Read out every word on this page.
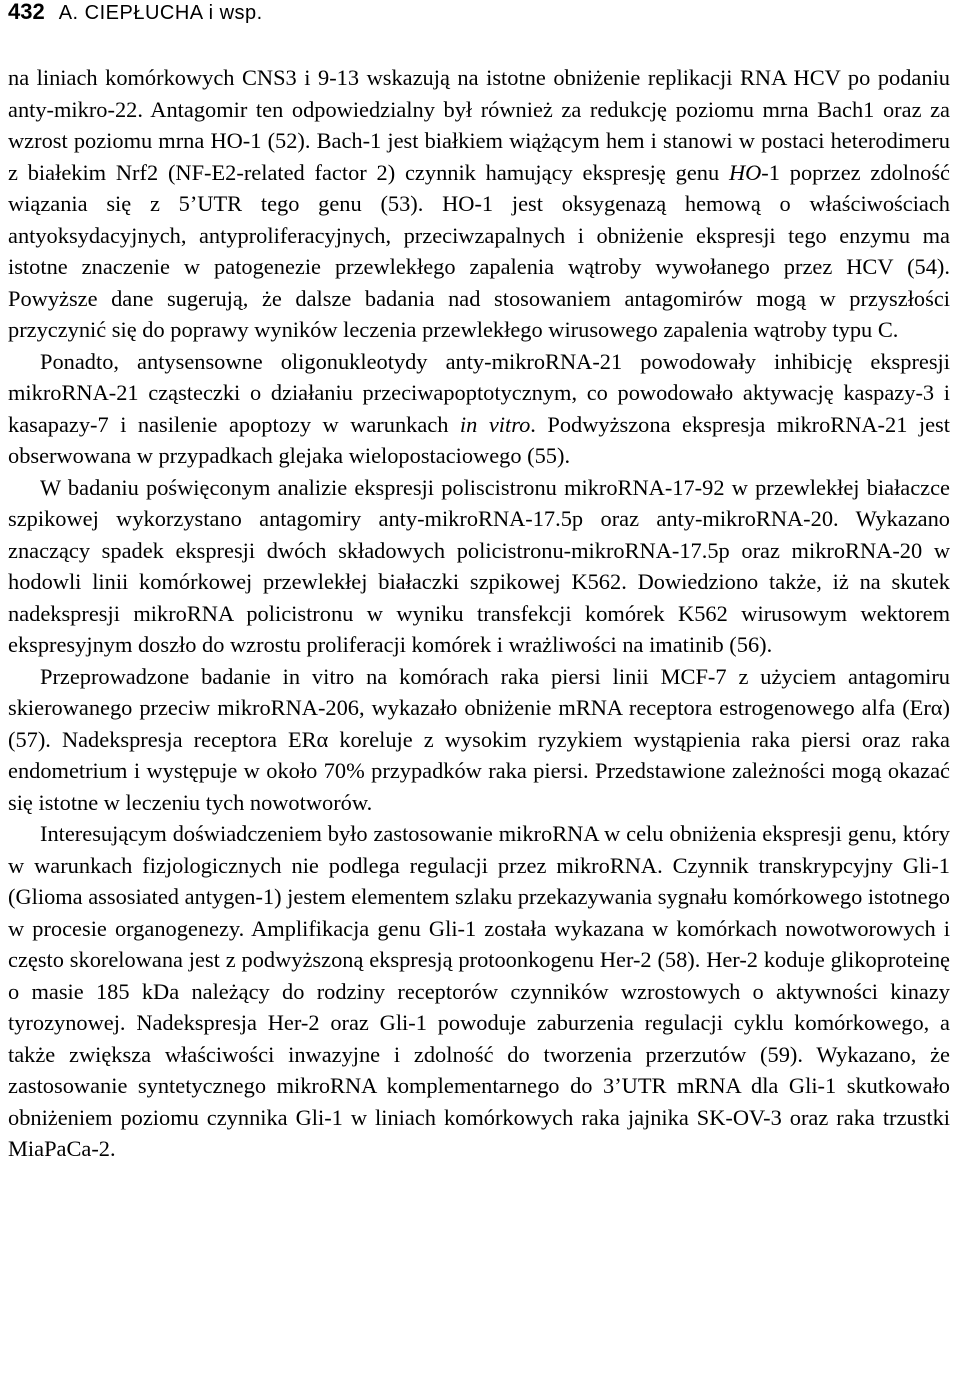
432 A. CIEPŁUCHA i wsp.

na liniach komórkowych CNS3 i 9-13 wskazują na istotne obniżenie replikacji RNA HCV po podaniu anty-mikro-22. Antagomir ten odpowiedzialny był również za redukcję poziomu mrna Bach1 oraz za wzrost poziomu mrna HO-1 (52). Bach-1 jest białkiem wiążącym hem i stanowi w postaci heterodimeru z białekim Nrf2 (NF-E2-related factor 2) czynnik hamujący ekspresję genu HO-1 poprzez zdolność wiązania się z 5’UTR tego genu (53). HO-1 jest oksygenazą hemową o właściwościach antyoksydacyjnych, antyproliferacyjnych, przeciwzapalnych i obniżenie ekspresji tego enzymu ma istotne znaczenie w patogenezie przewlekłego zapalenia wątroby wywołanego przez HCV (54). Powyższe dane sugerują, że dalsze badania nad stosowaniem antagomirów mogą w przyszłości przyczynić się do poprawy wyników leczenia przewlekłego wirusowego zapalenia wątroby typu C.

Ponadto, antysensowne oligonukleotydy anty-mikroRNA-21 powodowały inhibicję ekspresji mikroRNA-21 cząsteczki o działaniu przeciwapoptotycznym, co powodowało aktywację kaspazy-3 i kasapazy-7 i nasilenie apoptozy w warunkach in vitro. Podwyższona ekspresja mikroRNA-21 jest obserwowana w przypadkach glejaka wielopostaciowego (55).

W badaniu poświęconym analizie ekspresji poliscistronu mikroRNA-17-92 w przewlekłej białaczce szpikowej wykorzystano antagomiry anty-mikroRNA-17.5p oraz anty-mikroRNA-20. Wykazano znaczący spadek ekspresji dwóch składowych policistronu-mikroRNA-17.5p oraz mikroRNA-20 w hodowli linii komórkowej przewlekłej białaczki szpikowej K562. Dowiedziono także, iż na skutek nadekspresji mikroRNA policistronu w wyniku transfekcji komórek K562 wirusowym wektorem ekspresyjnym doszło do wzrostu proliferacji komórek i wrażliwości na imatinib (56).

Przeprowadzone badanie in vitro na komórach raka piersi linii MCF-7 z użyciem antagomiru skierowanego przeciw mikroRNA-206, wykazało obniżenie mRNA receptora estrogenowego alfa (Erα) (57). Nadekspresja receptora ERα koreluje z wysokim ryzykiem wystąpienia raka piersi oraz raka endometrium i występuje w około 70% przypadków raka piersi. Przedstawione zależności mogą okazać się istotne w leczeniu tych nowotworów.

Interesującym doświadczeniem było zastosowanie mikroRNA w celu obniżenia ekspresji genu, który w warunkach fizjologicznych nie podlega regulacji przez mikroRNA. Czynnik transkrypcyjny Gli-1 (Glioma assosiated antygen-1) jestem elementem szlaku przekazywania sygnału komórkowego istotnego w procesie organogenezy. Amplifikacja genu Gli-1 została wykazana w komórkach nowotworowych i często skorelowana jest z podwyższoną ekspresją protoonkogenu Her-2 (58). Her-2 koduje glikoproteinę o masie 185 kDa należący do rodziny receptorów czynników wzrostowych o aktywności kinazy tyrozynowej. Nadekspresja Her-2 oraz Gli-1 powoduje zaburzenia regulacji cyklu komórkowego, a także zwiększa właściwości inwazyjne i zdolność do tworzenia przerzutów (59). Wykazano, że zastosowanie syntetycznego mikroRNA komplementarnego do 3’UTR mRNA dla Gli-1 skutkowało obniżeniem poziomu czynnika Gli-1 w liniach komórkowych raka jajnika SK-OV-3 oraz raka trzustki MiaPaCa-2.
